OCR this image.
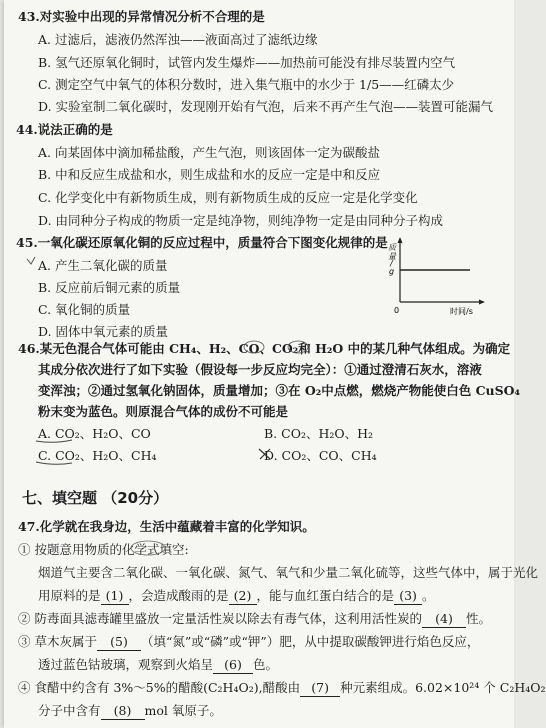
43.对实验中出现的异常情况分析不合理的是
A. 过滤后，滤液仍然浑浊——液面高过了滤纸边缘
B. 氢气还原氧化铜时，试管内发生爆炸——加热前可能没有排尽装置内空气
C. 测定空气中氧气的体积分数时，进入集气瓶中的水少于 1/5——红磷太少
D. 实验室制二氧化碳时，发现刚开始有气泡，后来不再产生气泡——装置可能漏气
44.说法正确的是
A. 向某固体中滴加稀盐酸，产生气泡，则该固体一定为碳酸盐
B. 中和反应生成盐和水，则生成盐和水的反应一定是中和反应
C. 化学变化中有新物质生成，则有新物质生成的反应一定是化学变化
D. 由同种分子构成的物质一定是纯净物，则纯净物一定是由同种分子构成
45.一氧化碳还原氧化铜的反应过程中，质量符合下图变化规律的是
A. 产生二氧化碳的质量
B. 反应前后铜元素的质量
C. 氧化铜的质量
D. 固体中氧元素的质量
质
量
/
g
0	时间/s
46.某无色混合气体可能由 CH₄、H₂、CO、CO₂和 H₂O 中的某几种气体组成。为确定
其成分依次进行了如下实验（假设每一步反应均完全）：①通过澄清石灰水，溶液
变浑浊；②通过氢氧化钠固体，质量增加；③在 O₂中点燃，燃烧产物能使白色 CuSO₄
粉末变为蓝色。则原混合气体的成份不可能是
A. CO₂、H₂O、CO	B. CO₂、H₂O、H₂
C. CO₂、H₂O、CH₄	D. CO₂、CO、CH₄
七、填空题 （20分）
47.化学就在我身边，生活中蕴藏着丰富的化学知识。
① 按题意用物质的化学式填空:
烟道气主要含二氧化碳、一氧化碳、氮气、氧气和少量二氧化硫等，这些气体中，属于光化
用原料的是 (1) ，会造成酸雨的是 (2) ，能与血红蛋白结合的是 (3) 。
② 防毒面具滤毒罐里盛放一定量活性炭以除去有毒气体，这利用活性炭的 (4) 性。
③ 草木灰属于 (5) （填“氮”或“磷”或“钾”）肥，从中提取碳酸钾进行焰色反应，
透过蓝色钴玻璃，观察到火焰呈 (6) 色。
④ 食醋中约含有 3%～5%的醋酸(C₂H₄O₂),醋酸由 (7) 种元素组成。6.02×10²⁴ 个 C₂H₄O₂
分子中含有 (8) mol 氧原子。
